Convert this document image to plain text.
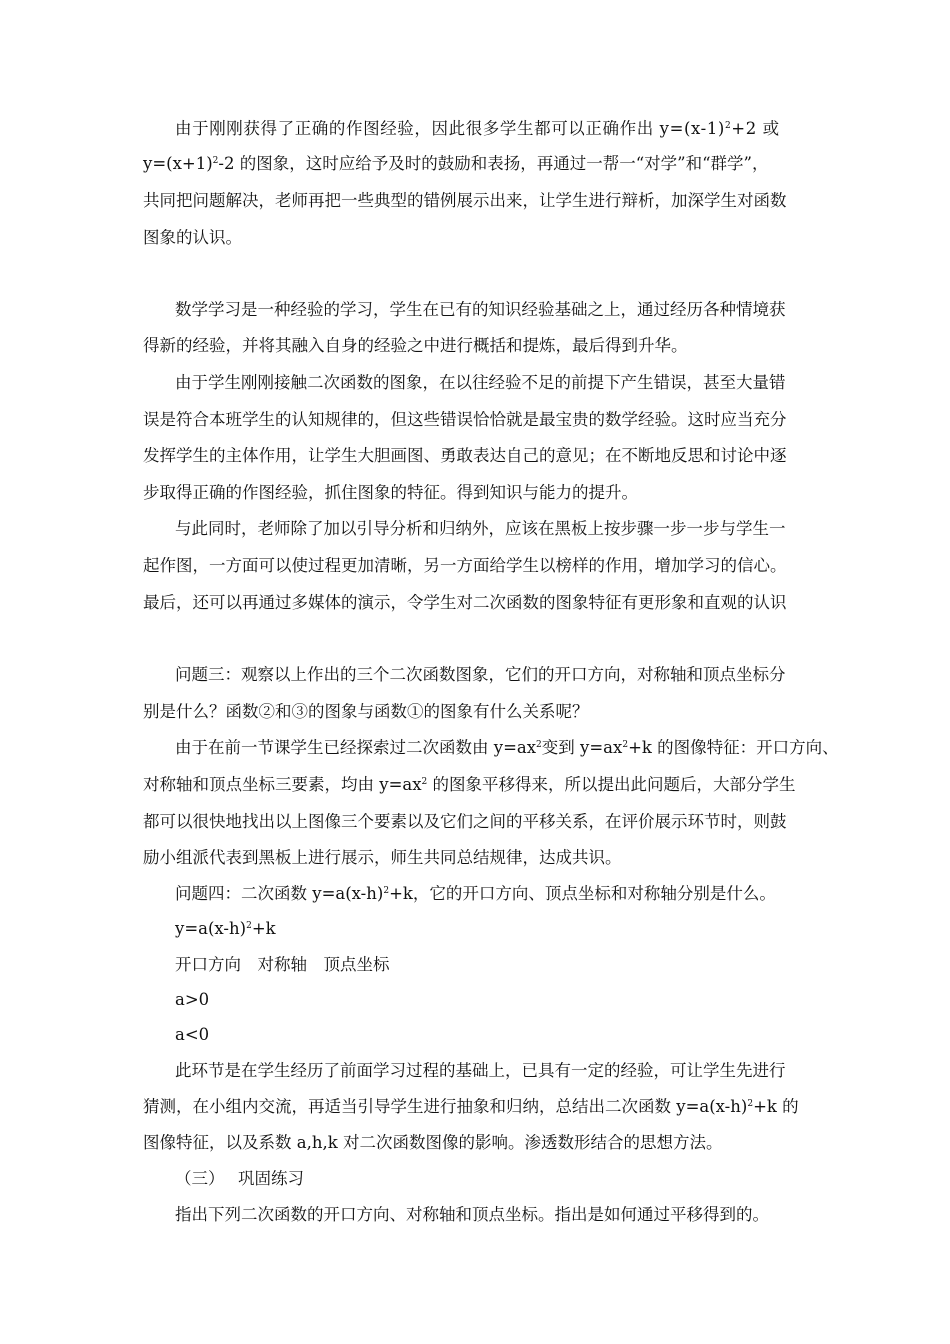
由于刚刚获得了正确的作图经验，因此很多学生都可以正确作出 $y=(x-1)^2+2$ 或
$y=(x+1)^2-2$ 的图象，这时应给予及时的鼓励和表扬，再通过一帮一“对学”和“群学”，
共同把问题解决，老师再把一些典型的错例展示出来，让学生进行辩析，加深学生对函数
图象的认识。
数学学习是一种经验的学习，学生在已有的知识经验基础之上，通过经历各种情境获
得新的经验，并将其融入自身的经验之中进行概括和提炼，最后得到升华。
由于学生刚刚接触二次函数的图象，在以往经验不足的前提下产生错误，甚至大量错
误是符合本班学生的认知规律的，但这些错误恰恰就是最宝贵的数学经验。这时应当充分
发挥学生的主体作用，让学生大胆画图、勇敢表达自己的意见；在不断地反思和讨论中逐
步取得正确的作图经验，抓住图象的特征。得到知识与能力的提升。
与此同时，老师除了加以引导分析和归纳外，应该在黑板上按步骤一步一步与学生一
起作图，一方面可以使过程更加清晰，另一方面给学生以榜样的作用，增加学习的信心。
最后，还可以再通过多媒体的演示，令学生对二次函数的图象特征有更形象和直观的认识
问题三：观察以上作出的三个二次函数图象，它们的开口方向，对称轴和顶点坐标分
别是什么？函数②和③的图象与函数①的图象有什么关系呢？
由于在前一节课学生已经探索过二次函数由 $y=ax^2$变到 $y=ax^2+k$ 的图像特征：开口方向、
对称轴和顶点坐标三要素，均由 $y=ax^2$ 的图象平移得来，所以提出此问题后，大部分学生
都可以很快地找出以上图像三个要素以及它们之间的平移关系，在评价展示环节时，则鼓
励小组派代表到黑板上进行展示，师生共同总结规律，达成共识。
问题四：二次函数 $y=a(x-h)^2+k$，它的开口方向、顶点坐标和对称轴分别是什么。
$y=a(x-h)^2+k$
开口方向　对称轴　顶点坐标
a>0
a<0
此环节是在学生经历了前面学习过程的基础上，已具有一定的经验，可让学生先进行
猜测，在小组内交流，再适当引导学生进行抽象和归纳，总结出二次函数 $y=a(x-h)^2+k$ 的
图像特征，以及系数 a,h,k 对二次函数图像的影响。渗透数形结合的思想方法。
（三）　 巩固练习
指出下列二次函数的开口方向、对称轴和顶点坐标。指出是如何通过平移得到的。
